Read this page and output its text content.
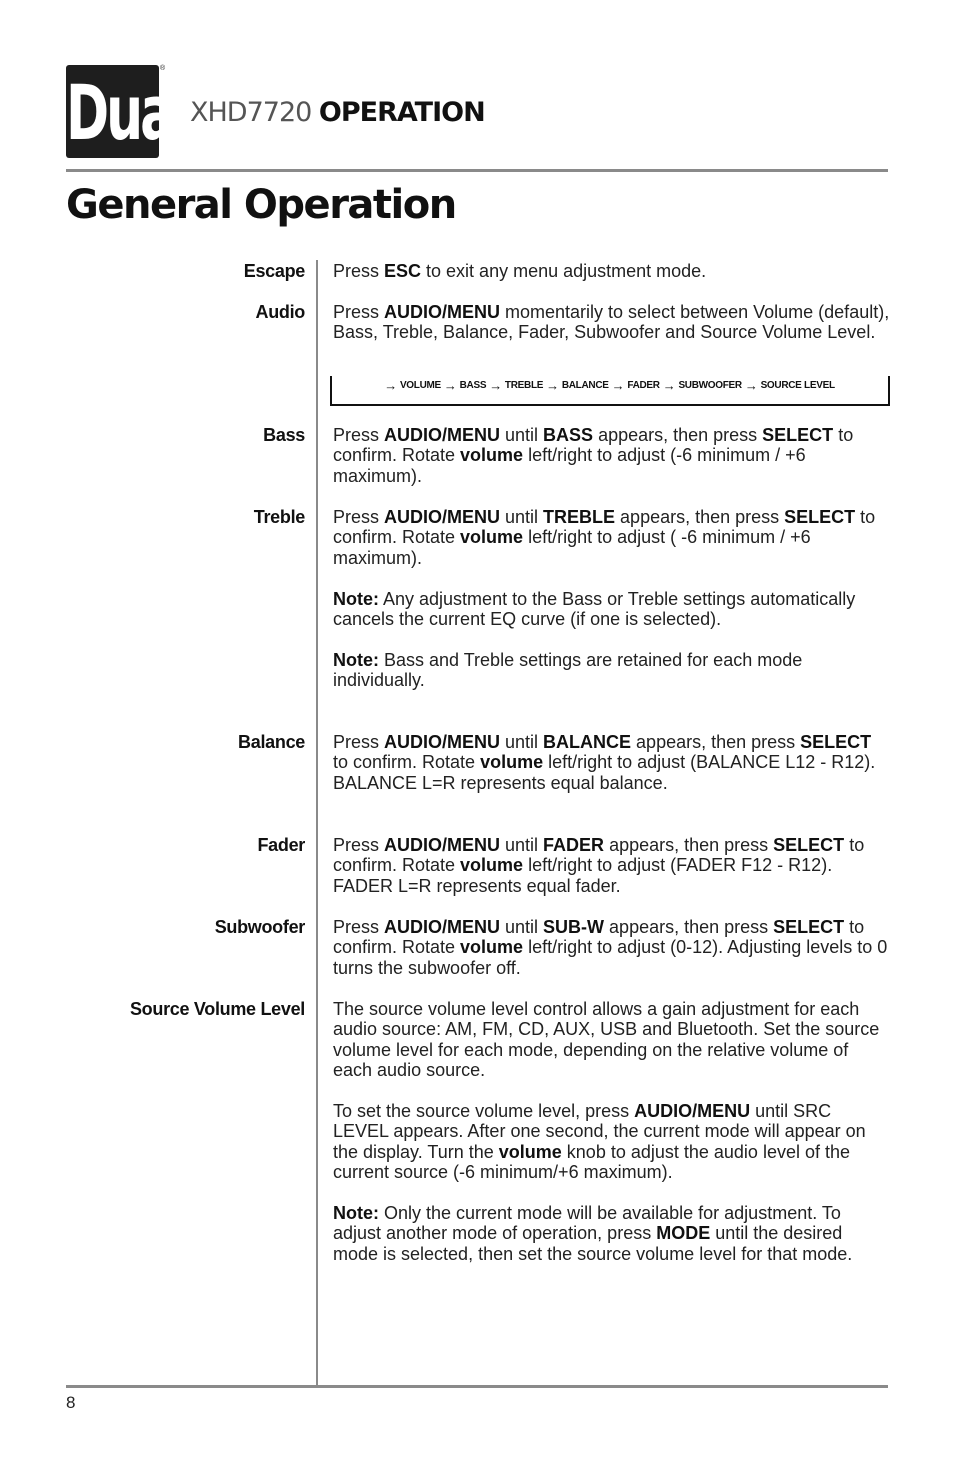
Dual
®
XHD7720 OPERATION
General Operation
Escape Press ESC to exit any menu adjustment mode.

Audio Press AUDIO/MENU momentarily to select between Volume (default), Bass, Treble, Balance, Fader, Subwoofer and Source Volume Level.

→ VOLUME → BASS → TREBLE → BALANCE → FADER → SUBWOOFER → SOURCE LEVEL
Bass Press AUDIO/MENU until BASS appears, then press SELECT to confirm. Rotate volume left/right to adjust (-6 minimum / +6 maximum).

Treble Press AUDIO/MENU until TREBLE appears, then press SELECT to confirm. Rotate volume left/right to adjust ( -6 minimum / +6 maximum).

Note: Any adjustment to the Bass or Treble settings automatically cancels the current EQ curve (if one is selected).

Note: Bass and Treble settings are retained for each mode individually.

Balance Press AUDIO/MENU until BALANCE appears, then press SELECT to confirm. Rotate volume left/right to adjust (BALANCE L12 - R12). BALANCE L=R represents equal balance.

Fader Press AUDIO/MENU until FADER appears, then press SELECT to confirm. Rotate volume left/right to adjust (FADER F12 - R12). FADER L=R represents equal fader.

Subwoofer Press AUDIO/MENU until SUB-W appears, then press SELECT to confirm. Rotate volume left/right to adjust (0-12). Adjusting levels to 0 turns the subwoofer off.

Source Volume Level The source volume level control allows a gain adjustment for each audio source: AM, FM, CD, AUX, USB and Bluetooth. Set the source volume level for each mode, depending on the relative volume of each audio source.

To set the source volume level, press AUDIO/MENU until SRC LEVEL appears. After one second, the current mode will appear on the display. Turn the volume knob to adjust the audio level of the current source (-6 minimum/+6 maximum).

Note: Only the current mode will be available for adjustment. To adjust another mode of operation, press MODE until the desired mode is selected, then set the source volume level for that mode.

8
